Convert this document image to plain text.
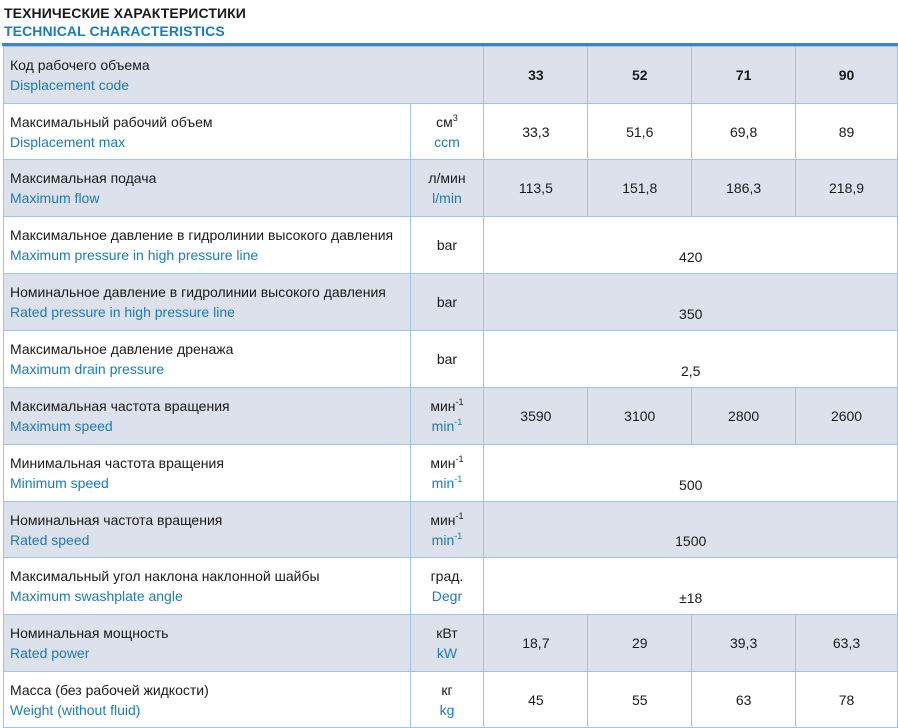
ТЕХНИЧЕСКИЕ ХАРАКТЕРИСТИКИ
TECHNICAL CHARACTERISTICS
Код рабочего объема
Displacement code		33	52	71	90

Максимальный рабочий объем
Displacement max	$см^3$
ccm	33,3	51,6	69,8	89

Максимальная подача
Maximum flow	л/мин
l/min	113,5	151,8	186,3	218,9

Максимальное давление в гидролинии высокого давления
Maximum pressure in high pressure line	bar	420			

Номинальное давление в гидролинии высокого давления
Rated pressure in high pressure line	bar	350			

Максимальное давление дренажа
Maximum drain pressure	bar	2,5			

Максимальная частота вращения
Maximum speed	мин$^{-1}$
$\min^{-1}$	3590	3100	2800	2600

Минимальная частота вращения
Minimum speed	мин$^{-1}$
$\min^{-1}$	500			

Номинальная частота вращения
Rated speed	мин$^{-1}$
$\min^{-1}$	1500			

Максимальный угол наклона наклонной шайбы
Maximum swashplate angle	град.
Degr	±18			

Номинальная мощность
Rated power	кВт
kW	18,7	29	39,3	63,3

Масса (без рабочей жидкости)
Weight (without fluid)	кг
kg	45	55	63	78
